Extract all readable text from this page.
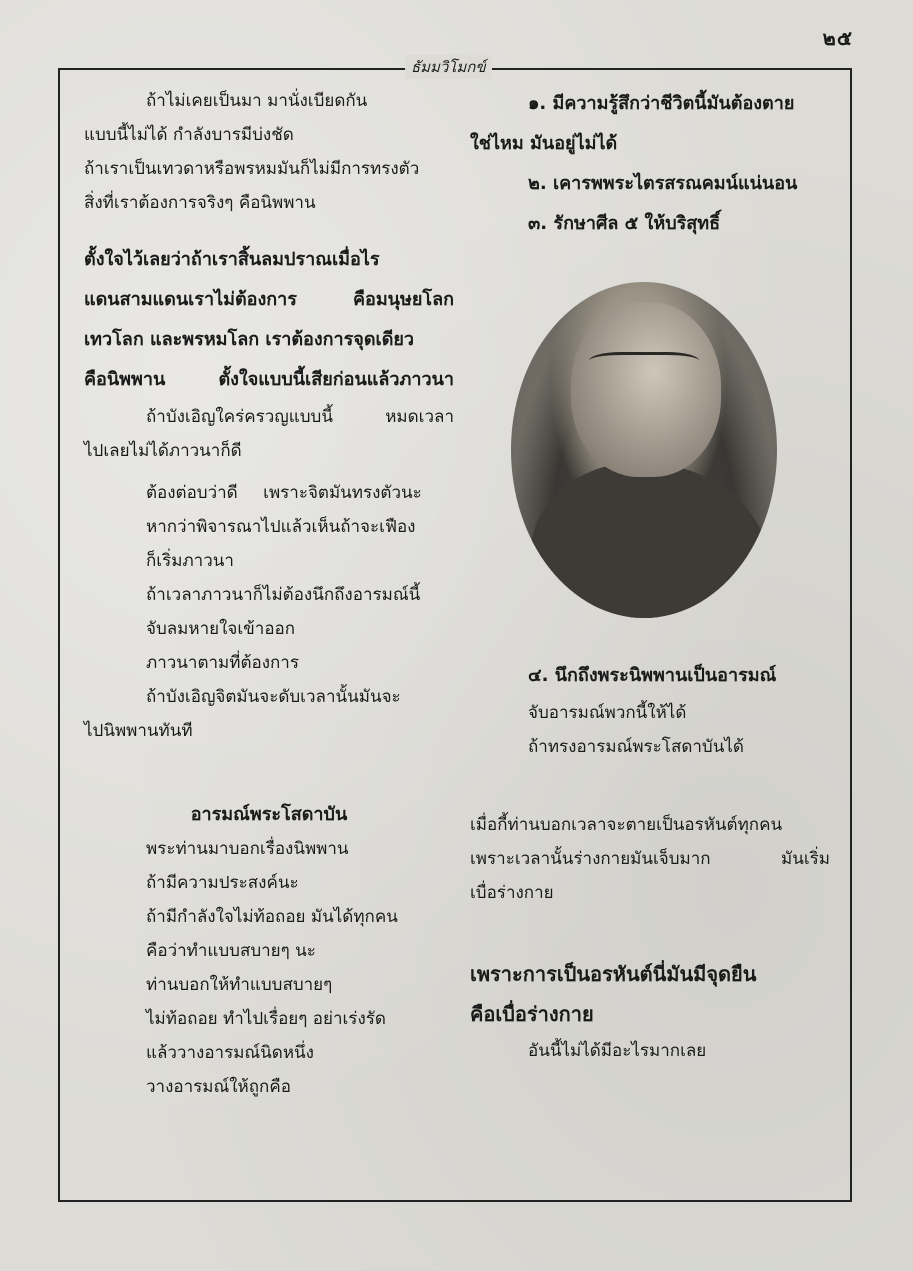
๒๕
ธัมมวิโมกข์
ถ้าไม่เคยเป็นมา มานั่งเบียดกัน
แบบนี้ไม่ได้ กำลังบารมีบ่งชัด
ถ้าเราเป็นเทวดาหรือพรหมมันก็ไม่มีการทรงตัว
สิ่งที่เราต้องการจริงๆ คือนิพพาน
ตั้งใจไว้เลยว่าถ้าเราสิ้นลมปราณเมื่อไร
แดนสามแดนเราไม่ต้องการ	คือมนุษยโลก
เทวโลก และพรหมโลก เราต้องการจุดเดียว
คือนิพพาน	ตั้งใจแบบนี้เสียก่อนแล้วภาวนา
ถ้าบังเอิญใคร่ครวญแบบนี้	หมดเวลา
ไปเลยไม่ได้ภาวนาก็ดี
ต้องต่อบว่าดี เพราะจิตมันทรงตัวนะ
หากว่าพิจารณาไปแล้วเห็นถ้าจะเฟือง
ก็เริ่มภาวนา
ถ้าเวลาภาวนาก็ไม่ต้องนึกถึงอารมณ์นี้
จับลมหายใจเข้าออก
ภาวนาตามที่ต้องการ
ถ้าบังเอิญจิตมันจะดับเวลานั้นมันจะ
ไปนิพพานทันที
อารมณ์พระโสดาบัน
พระท่านมาบอกเรื่องนิพพาน
ถ้ามีความประสงค์นะ
ถ้ามีกำลังใจไม่ท้อถอย มันได้ทุกคน
คือว่าทำแบบสบายๆ นะ
ท่านบอกให้ทำแบบสบายๆ
ไม่ท้อถอย ทำไปเรื่อยๆ อย่าเร่งรัด
แล้ววางอารมณ์นิดหนึ่ง
วางอารมณ์ให้ถูกคือ
๑. มีความรู้สึกว่าชีวิตนี้มันต้องตาย
ใช่ไหม มันอยู่ไม่ได้
๒. เคารพพระไตรสรณคมน์แน่นอน
๓. รักษาศีล ๕ ให้บริสุทธิ์
๔. นึกถึงพระนิพพานเป็นอารมณ์
จับอารมณ์พวกนี้ให้ได้
ถ้าทรงอารมณ์พระโสดาบันได้
เมื่อกี้ท่านบอกเวลาจะตายเป็นอรหันต์ทุกคน
เพราะเวลานั้นร่างกายมันเจ็บมาก	มันเริ่ม
เบื่อร่างกาย
เพราะการเป็นอรหันต์นี่มันมีจุดยืน
คือเบื่อร่างกาย
อันนี้ไม่ได้มีอะไรมากเลย
